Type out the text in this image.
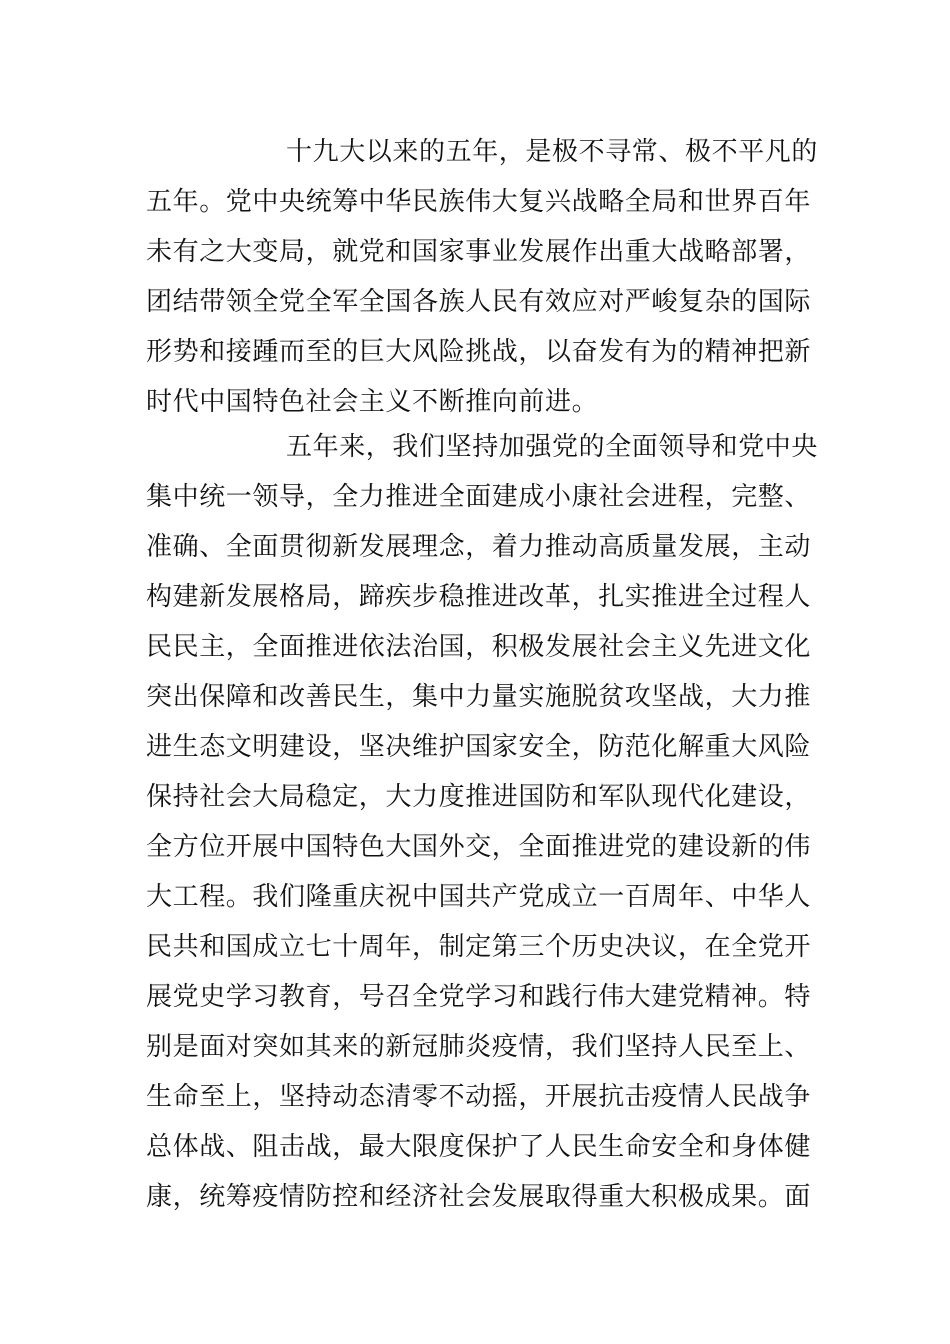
十九大以来的五年，是极不寻常、极不平凡的
五年。党中央统筹中华民族伟大复兴战略全局和世界百年
未有之大变局，就党和国家事业发展作出重大战略部署，
团结带领全党全军全国各族人民有效应对严峻复杂的国际
形势和接踵而至的巨大风险挑战，以奋发有为的精神把新
时代中国特色社会主义不断推向前进。
五年来，我们坚持加强党的全面领导和党中央
集中统一领导，全力推进全面建成小康社会进程，完整、
准确、全面贯彻新发展理念，着力推动高质量发展，主动
构建新发展格局，蹄疾步稳推进改革，扎实推进全过程人
民民主，全面推进依法治国，积极发展社会主义先进文化
突出保障和改善民生，集中力量实施脱贫攻坚战，大力推
进生态文明建设，坚决维护国家安全，防范化解重大风险
保持社会大局稳定，大力度推进国防和军队现代化建设，
全方位开展中国特色大国外交，全面推进党的建设新的伟
大工程。我们隆重庆祝中国共产党成立一百周年、中华人
民共和国成立七十周年，制定第三个历史决议，在全党开
展党史学习教育，号召全党学习和践行伟大建党精神。特
别是面对突如其来的新冠肺炎疫情，我们坚持人民至上、
生命至上，坚持动态清零不动摇，开展抗击疫情人民战争
总体战、阻击战，最大限度保护了人民生命安全和身体健
康，统筹疫情防控和经济社会发展取得重大积极成果。面
